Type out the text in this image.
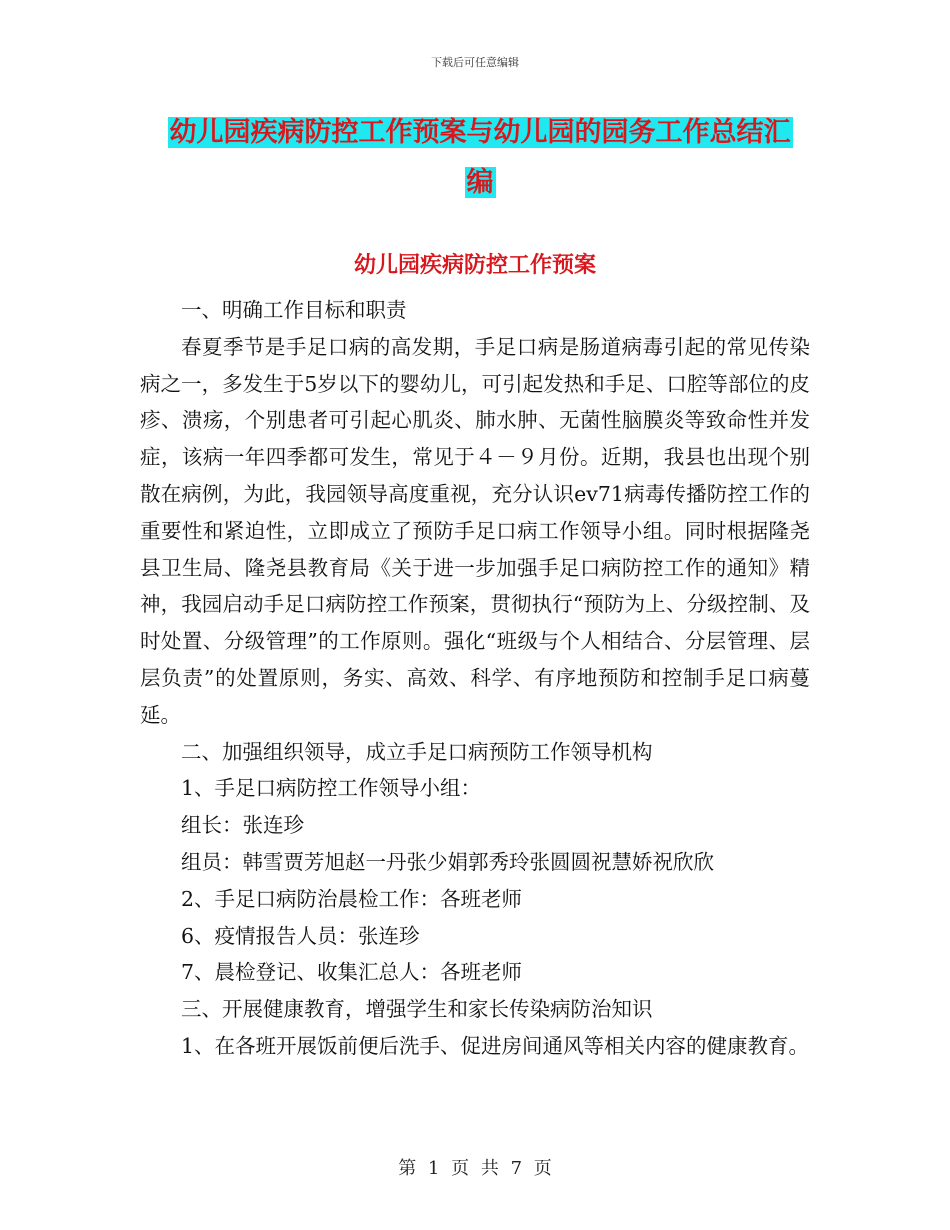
下载后可任意编辑
幼儿园疾病防控工作预案与幼儿园的园务工作总结汇
编
幼儿园疾病防控工作预案

一、明确工作目标和职责

春夏季节是手足口病的高发期，手足口病是肠道病毒引起的常见传染病之一，多发生于5岁以下的婴幼儿，可引起发热和手足、口腔等部位的皮疹、溃疡，个别患者可引起心肌炎、肺水肿、无菌性脑膜炎等致命性并发症，该病一年四季都可发生，常见于４－９月份。近期，我县也出现个别散在病例，为此，我园领导高度重视，充分认识ev71病毒传播防控工作的重要性和紧迫性，立即成立了预防手足口病工作领导小组。同时根据隆尧县卫生局、隆尧县教育局《关于进一步加强手足口病防控工作的通知》精神，我园启动手足口病防控工作预案，贯彻执行“预防为上、分级控制、及时处置、分级管理”的工作原则。强化“班级与个人相结合、分层管理、层层负责”的处置原则，务实、高效、科学、有序地预防和控制手足口病蔓延。

二、加强组织领导，成立手足口病预防工作领导机构

1、手足口病防控工作领导小组：

组长：张连珍

组员：韩雪贾芳旭赵一丹张少娟郭秀玲张圆圆祝慧娇祝欣欣

2、手足口病防治晨检工作：各班老师

6、疫情报告人员：张连珍

7、晨检登记、收集汇总人：各班老师

三、开展健康教育，增强学生和家长传染病防治知识

1、在各班开展饭前便后洗手、促进房间通风等相关内容的健康教育。

第 1 页 共 7 页
